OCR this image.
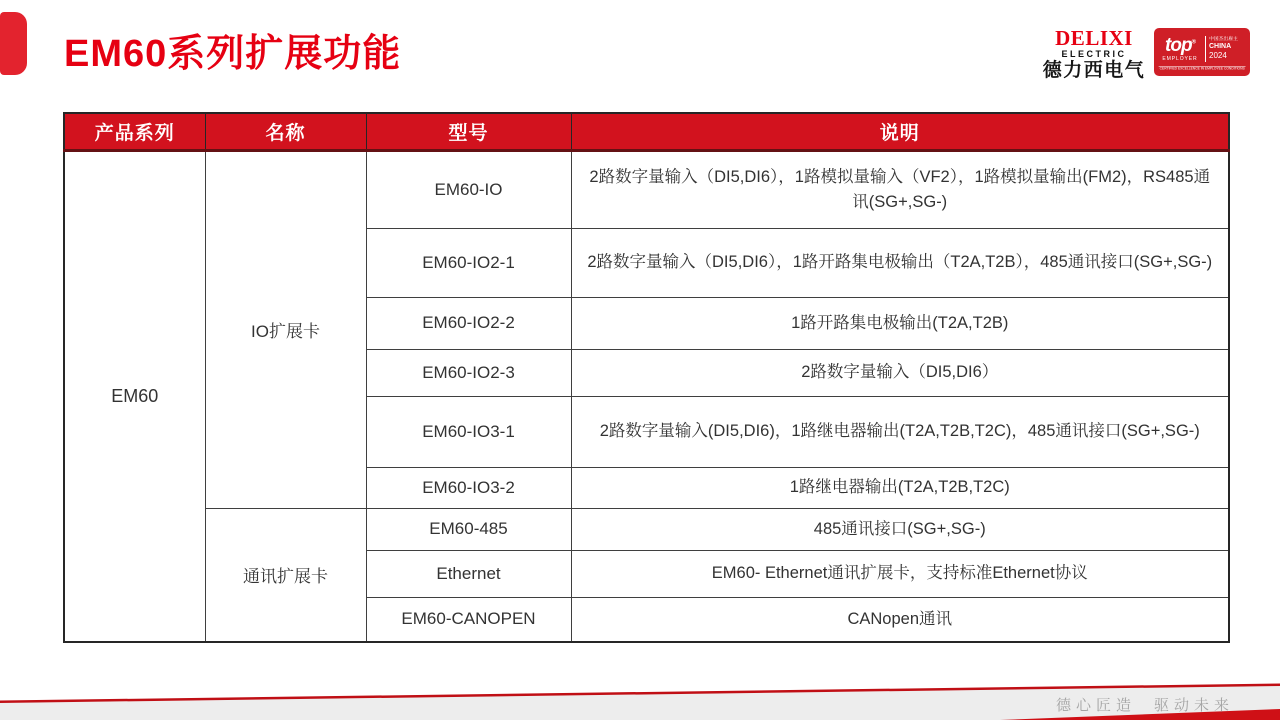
EM60系列扩展功能	DELIXI
ELECTRIC
德力西电气
top®
EMPLOYER
中国杰出雇主
CHINA
2024
CERTIFIED EXCELLENCE IN EMPLOYEE CONDITIONS
产品系列	名称	型号	说明
EM60	IO扩展卡	EM60-IO	2路数字量输入（DI5,DI6），1路模拟量输入（VF2），1路模拟量输出(FM2)，RS485通讯(SG+,SG-)
		EM60-IO2-1	2路数字量输入（DI5,DI6），1路开路集电极输出（T2A,T2B），485通讯接口(SG+,SG-)
		EM60-IO2-2	1路开路集电极输出(T2A,T2B)
		EM60-IO2-3	2路数字量输入（DI5,DI6）
		EM60-IO3-1	2路数字量输入(DI5,DI6)，1路继电器输出(T2A,T2B,T2C)，485通讯接口(SG+,SG-)
		EM60-IO3-2	1路继电器输出(T2A,T2B,T2C)
	通讯扩展卡	EM60-485	485通讯接口(SG+,SG-)
		Ethernet	EM60- Ethernet通讯扩展卡，支持标准Ethernet协议
		EM60-CANOPEN	CANopen通讯
德心匠造 驱动未来
